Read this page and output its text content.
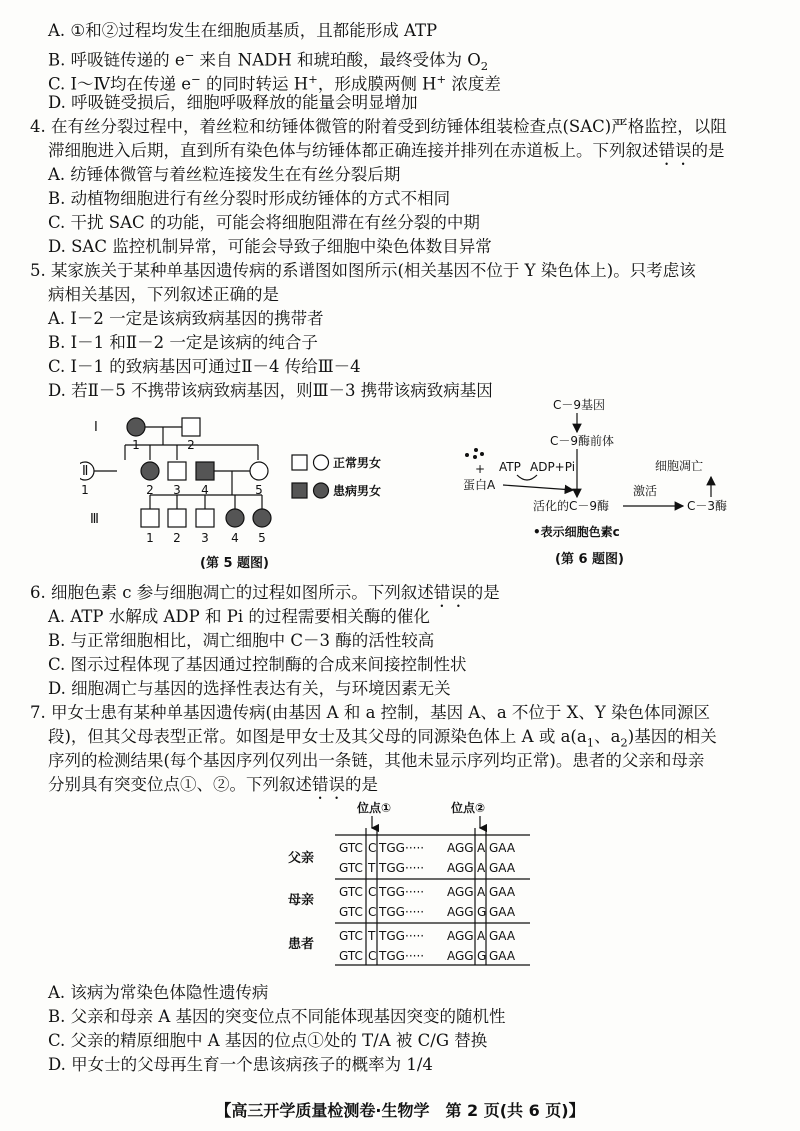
A. ①和②过程均发生在细胞质基质，且都能形成 ATP
B. 呼吸链传递的 e− 来自 NADH 和琥珀酸，最终受体为 $O_2$
C. Ⅰ～Ⅳ均在传递 e− 的同时转运 H+，形成膜两侧 H+ 浓度差
D. 呼吸链受损后，细胞呼吸释放的能量会明显增加
4. 在有丝分裂过程中，着丝粒和纺锤体微管的附着受到纺锤体组装检查点(SAC)严格监控，以阻
滞细胞进入后期，直到所有染色体与纺锤体都正确连接并排列在赤道板上。下列叙述错误的是
A. 纺锤体微管与着丝粒连接发生在有丝分裂后期
B. 动植物细胞进行有丝分裂时形成纺锤体的方式不相同
C. 干扰 SAC 的功能，可能会将细胞阻滞在有丝分裂的中期
D. SAC 监控机制异常，可能会导致子细胞中染色体数目异常
5. 某家族关于某种单基因遗传病的系谱图如图所示(相关基因不位于 Y 染色体上)。只考虑该
病相关基因，下列叙述正确的是
A. Ⅰ－2 一定是该病致病基因的携带者
B. Ⅰ－1 和Ⅱ－2 一定是该病的纯合子
C. Ⅰ－1 的致病基因可通过Ⅱ－4 传给Ⅲ－4
D. 若Ⅱ－5 不携带该病致病基因，则Ⅲ－3 携带该病致病基因
Ⅰ
Ⅱ
Ⅲ
1	2
1	2 3 4	5
1 2 3 4 5
正常男女
患病男女
(第 5 题图)
C－9基因
C－9酶前体
ATP ADP+Pi
+
蛋白A
活化的C－9酶
激活
C－3酶
细胞凋亡
•表示细胞色素c
(第 6 题图)
6. 细胞色素 c 参与细胞凋亡的过程如图所示。下列叙述错误的是
A. ATP 水解成 ADP 和 Pi 的过程需要相关酶的催化
B. 与正常细胞相比，凋亡细胞中 C－3 酶的活性较高
C. 图示过程体现了基因通过控制酶的合成来间接控制性状
D. 细胞凋亡与基因的选择性表达有关，与环境因素无关
7. 甲女士患有某种单基因遗传病(由基因 A 和 a 控制，基因 A、a 不位于 X、Y 染色体同源区
段)，但其父母表型正常。如图是甲女士及其父母的同源染色体上 A 或 $a(a_1$、$a_2$)基因的相关
序列的检测结果(每个基因序列仅列出一条链，其他未显示序列均正常)。患者的父亲和母亲
分别具有突变位点①、②。下列叙述错误的是
位点①	位点②
父亲
母亲
患者
GTC C TGG ····· AGG A GAA
GTC T TGG ····· AGG A GAA
GTC C TGG ····· AGG A GAA
GTC C TGG ····· AGG G GAA
GTC T TGG ····· AGG A GAA
GTC C TGG ····· AGG G GAA
A. 该病为常染色体隐性遗传病
B. 父亲和母亲 A 基因的突变位点不同能体现基因突变的随机性
C. 父亲的精原细胞中 A 基因的位点①处的 T/A 被 C/G 替换
D. 甲女士的父母再生育一个患该病孩子的概率为 1/4
【高三开学质量检测卷·生物学　第 2 页(共 6 页)】
